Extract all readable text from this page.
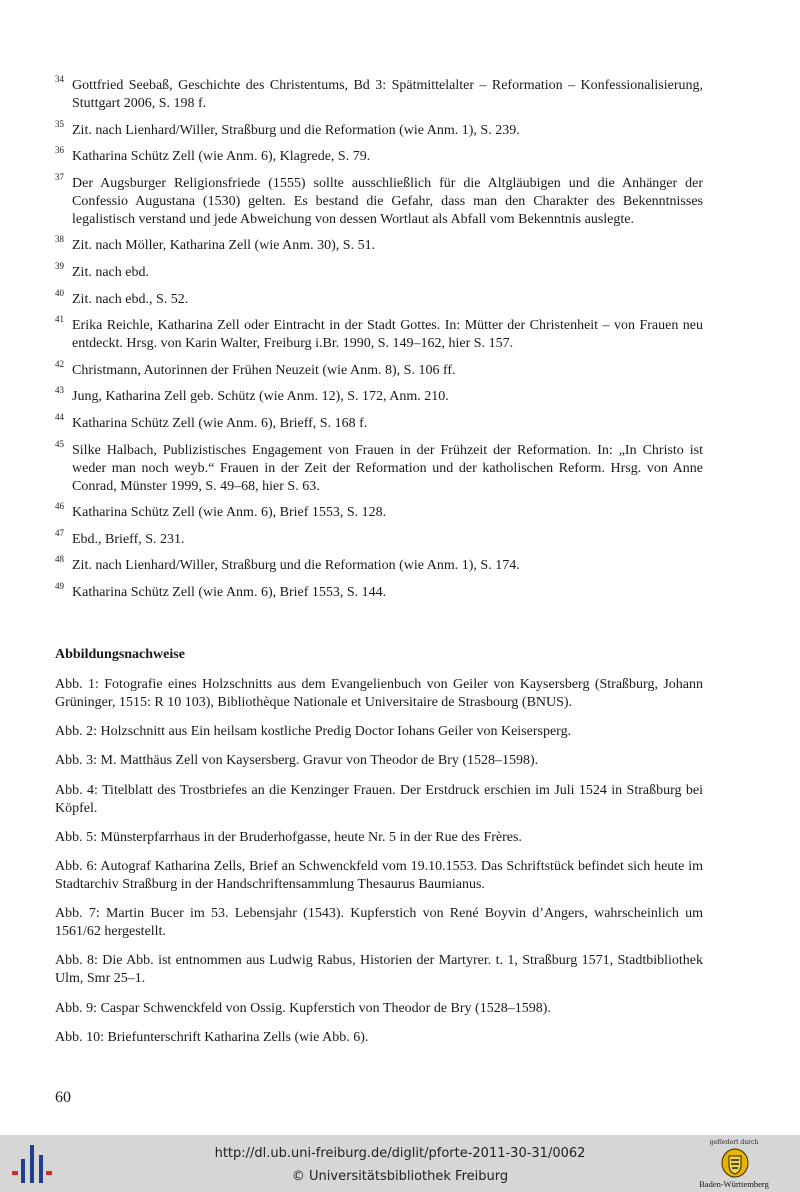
34 Gottfried Seebaß, Geschichte des Christentums, Bd 3: Spätmittelalter – Reformation – Konfessionalisierung, Stuttgart 2006, S. 198 f.
35 Zit. nach Lienhard/Willer, Straßburg und die Reformation (wie Anm. 1), S. 239.
36 Katharina Schütz Zell (wie Anm. 6), Klagrede, S. 79.
37 Der Augsburger Religionsfriede (1555) sollte ausschließlich für die Altgläubigen und die Anhänger der Confessio Augustana (1530) gelten. Es bestand die Gefahr, dass man den Charakter des Bekenntnisses legalistisch verstand und jede Abweichung von dessen Wortlaut als Abfall vom Bekenntnis auslegte.
38 Zit. nach Möller, Katharina Zell (wie Anm. 30), S. 51.
39 Zit. nach ebd.
40 Zit. nach ebd., S. 52.
41 Erika Reichle, Katharina Zell oder Eintracht in der Stadt Gottes. In: Mütter der Christenheit – von Frauen neu entdeckt. Hrsg. von Karin Walter, Freiburg i.Br. 1990, S. 149–162, hier S. 157.
42 Christmann, Autorinnen der Frühen Neuzeit (wie Anm. 8), S. 106 ff.
43 Jung, Katharina Zell geb. Schütz (wie Anm. 12), S. 172, Anm. 210.
44 Katharina Schütz Zell (wie Anm. 6), Brieff, S. 168 f.
45 Silke Halbach, Publizistisches Engagement von Frauen in der Frühzeit der Reformation. In: „In Christo ist weder man noch weyb.“ Frauen in der Zeit der Reformation und der katholischen Reform. Hrsg. von Anne Conrad, Münster 1999, S. 49–68, hier S. 63.
46 Katharina Schütz Zell (wie Anm. 6), Brief 1553, S. 128.
47 Ebd., Brieff, S. 231.
48 Zit. nach Lienhard/Willer, Straßburg und die Reformation (wie Anm. 1), S. 174.
49 Katharina Schütz Zell (wie Anm. 6), Brief 1553, S. 144.
Abbildungsnachweise
Abb. 1: Fotografie eines Holzschnitts aus dem Evangelienbuch von Geiler von Kaysersberg (Straßburg, Johann Grüninger, 1515: R 10 103), Bibliothèque Nationale et Universitaire de Strasbourg (BNUS).
Abb. 2: Holzschnitt aus Ein heilsam kostliche Predig Doctor Iohans Geiler von Keisersperg.
Abb. 3: M. Matthäus Zell von Kaysersberg. Gravur von Theodor de Bry (1528–1598).
Abb. 4: Titelblatt des Trostbriefes an die Kenzinger Frauen. Der Erstdruck erschien im Juli 1524 in Straßburg bei Köpfel.
Abb. 5: Münsterpfarrhaus in der Bruderhofgasse, heute Nr. 5 in der Rue des Frères.
Abb. 6: Autograf Katharina Zells, Brief an Schwenckfeld vom 19.10.1553. Das Schriftstück befindet sich heute im Stadtarchiv Straßburg in der Handschriftensammlung Thesaurus Baumianus.
Abb. 7: Martin Bucer im 53. Lebensjahr (1543). Kupferstich von René Boyvin d’Angers, wahrscheinlich um 1561/62 hergestellt.
Abb. 8: Die Abb. ist entnommen aus Ludwig Rabus, Historien der Martyrer. t. 1, Straßburg 1571, Stadtbibliothek Ulm, Smr 25–1.
Abb. 9: Caspar Schwenckfeld von Ossig. Kupferstich von Theodor de Bry (1528–1598).
Abb. 10: Briefunterschrift Katharina Zells (wie Abb. 6).
60
http://dl.ub.uni-freiburg.de/diglit/pforte-2011-30-31/0062
© Universitätsbibliothek Freiburg
gefördert durch
Baden-Württemberg
